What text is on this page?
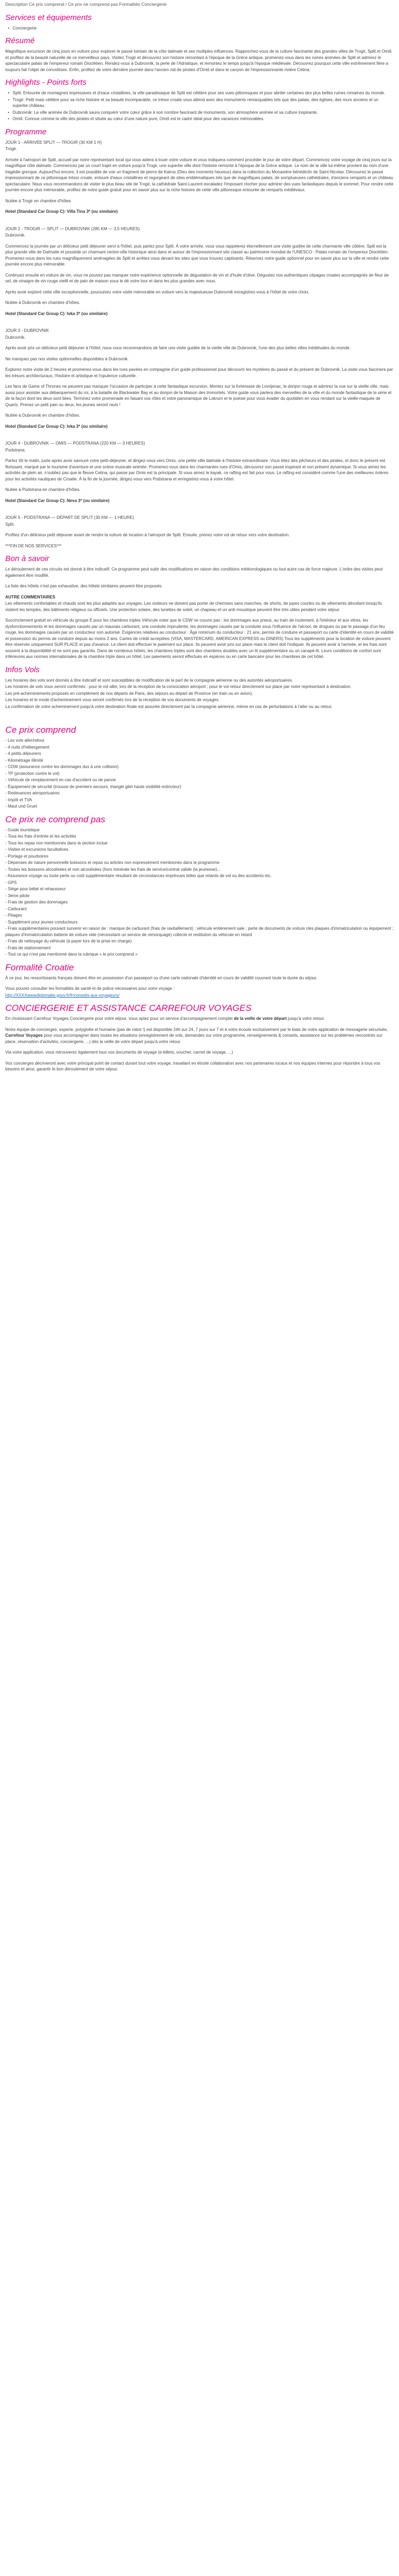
Description Ce prix comprend / Ce prix ne comprend pas Formalités Conciergerie
Services et équipements
• Conciergerie
Résumé

Magnifique excursion de cinq jours en voiture pour explorer le passé lointain de la côte dalmate et ses multiples influences. Rapprochez-vous de la culture fascinante des grandes villes de Trogir, Split et Omiš et profitez de la beauté naturelle de ce merveilleux pays. Visitez Trogir et découvrez son histoire remontant à l'époque de la Grèce antique, promenez-vous dans les ruines animées de Split et admirez le spectaculaire palais de l'empereur romain Dioclétien. Rendez-vous à Dubrovnik, la perle de l'Adriatique, et remontez le temps jusqu'à l'époque médiévale. Découvrez pourquoi cette ville extrêmement fière a toujours fait l'objet de convoitises. Enfin, profitez de votre dernière journée dans l'ancien nid de pirates d'Omiš et dans le canyon de l'impressionnante rivière Cetina.

Highlights - Points forts
• Split: Entourée de montagnes impressives et d'eaux cristallines, la ville paradisiaque de Split est célèbre pour ses vues pittoresques et pour abriter certaines des plus belles ruines romaines du monde.
• Trogir: Petit mais célèbre pour sa riche histoire et sa beauté incomparable, ce trésor croate vous attend avec des monuments remarquables tels que des palais, des églises, des murs anciens et un superbe château.
• Dubrovnik: La ville animée de Dubrovnik saura conquérir votre cœur grâce à son nombre fascinant de monuments, son atmosphère animée et sa culture inspirante.
• Omiš: Connue comme la ville des pirates et située au cœur d'une nature pure, Omiš est le cadre idéal pour des vacances mémorables.
Programme
JOUR 1 - ARRIVÉE SPLIT — TROGIR (30 KM 1 H)

Trogir.

Arrivée à l'aéroport de Split, accueil par notre représentant local qui vous aidera à louer votre voiture et vous indiquera comment procéder le jour de votre départ. Commencez votre voyage de cinq jours sur la magnifique côte dalmate. Commencez par un court trajet en voiture jusqu'à Trogir, une superbe ville dont l'histoire remonte à l'époque de la Grèce antique. Le nom de la ville lui-même provient du nom d'une tragédie grecque. Aujourd'hui encore, il est possible de voir un fragment de pierre de Kairos (Dieu des moments heureux) dans la collection du Monastère bénédictin de Saint-Nicolas. Découvrez le passé impressionnant de ce pittoresque trésor croate, entouré d'eaux cristallines et regorgeant de sites emblématiques tels que de magnifiques palais, de somptueuses cathédrales, d'anciens remparts et un château spectaculaire. Nous vous recommandons de visiter le plus beau site de Trogir, la cathédrale Saint-Laurent escaladez l'imposant clocher pour admirer des vues fantastiques depuis le sommet. Pour rendre cette journée encore plus mémorable, profitez de notre guide gratuit pour en savoir plus sur la riche histoire de cette ville pittoresque entourée de remparts médiévaux.

Nuitée à Trogir en chambre d'hôtes

Hotel (Standard Car Group C): Villa Tina 3* (ou similaire)

JOUR 2 - TROGIR — SPLIT — DUBROVNIK (285 KM — 3,5 HEURES)

Dubrovnik.

Commencez la journée par un délicieux petit déjeuner servi à l'hôtel, puis partez pour Split. À votre arrivée, vous vous rappelerez éternellement une visite guidée de cette charmante ville côtière. Split est la plus grande ville de Dalmatie et possède un charmant centre-ville historique ainsi dans et autour de l'impressionnant site classé au patrimoine mondial de l'UNESCO : Palais romain de l'empereur Dioclétien. Promenez-vous dans les rues magnifiquement aménagées de Split et arrêtez-vous devant les sites que vous trouvez captivants. Réservez notre guide optionnel pour en savoir plus sur la ville et rendre cette journée encore plus mémorable.

Continuez ensuite en voiture de vin, vous ne pouvez pas manquer notre expérience optionnelle de dégustation de vin et d'huile d'olive. Dégustez nos authentiques cépages croates accompagnés de fleur de sel, de vinaigre de vin rouge vieilli et de pain de maison sous le dé votre tour et dans les plus grandes avec nous.

Après avoir exploré cette ville exceptionnelle, poursuivez votre visite mémorable en voiture vers la majestueuse Dubrovnik enregistrez-vous à l'hôtel de votre choix.

Nuitée à Dubrovnik en chambre d'hôtes.

Hotel (Standard Car Group C): Ivka 3* (ou similaire)

JOUR 3 - DUBROVNIK

Dubrovnik.

Après avoir pris un délicieux petit déjeuner à l'hôtel, nous vous recommandons de faire une visite guidée de la vieille ville de Dubrovnik, l'une des plus belles villes médiévales du monde.

Ne manquez pas nos visites optionnelles disponibles à Dubrovnik.

Explorez notre visite de 2 heures et promenez-vous dans les rues pavées en compagnie d'un guide professionnel pour découvrir les mystères du passé et du présent de Dubrovnik. La visite vous fascinera par les trésors architecturaux, l'histoire et artistique et l'opulence culturelle.

Les fans de Game of Thrones ne peuvent pas manquer l'occasion de participer à cette fantastique excursion. Montez sur la forteresse de Lovrijenac, le donjon rouge et admirez la vue sur la vieille ville, mais aussi pour assister aux débarquement du roi, à la bataille de Blackwater Bay et au donjon de la Maison des Immortels. Votre guide vous parlera des merveilles de la ville et du monde fantastique de la série et de la façon dont les deux sont liées. Terminez votre promenade en faisant vos rôles et votre panoramique de Lokrum et le poésie pour vous évader du quotidien en vous rendant sur la vieille-maquée de Quartz. Prenez un petit pain ou deux, les jeunes seront ravis !

Nuitée à Dubrovnik en chambre d'hôtes.

Hotel (Standard Car Group C): Ivka 3* (ou similaire)

JOUR 4 - DUBROVNIK — OMIS — PODSTRANA (220 KM — 3 HEURES)

Podstrana.

Partez tôt le matin, juste après avoir savouré votre petit-déjeuner, et dirigez-vous vers Omis, une petite ville dalmate à l'histoire extraordinaire. Vous étiez des pêcheurs et des pirates, et donc le présent est florissant, marqué par le tourisme d'aventure et une scène musicale animée. Promenez-vous dans les charmantes rues d'Omis, découvrez son passé inspirant et son présent dynamique. Si vous aimez les activités de plein air, n'oubliez pas que le fleuve Cetina, qui passe par Omis est la principale. Si vous aimez le kayak, ce rafting est fait pour vous. Le rafting est considéré comme l'une des meilleures rivières pour les activités nautiques de Croatie. À la fin de la journée, dirigez-vous vers Podstrana et enregistrez-vous à votre hôtel.

Nuitée à Podstrana en chambre d'hôtes.

Hotel (Standard Car Group C): Neva 3* (ou similaire)

JOUR 5 - PODSTRANA — DÉPART DE SPLIT (30 KM — 1 HEURE)

Split.

Profitez d'un délicieux petit déjeuner avant de rendre la voiture de location à l'aéroport de Split. Ensuite, prenez votre vol de retour vers votre destination.

***FIN DE NOS SERVICES***

Bon à savoir

Le déroulement de ces circuits est donné à titre indicatif. Ce programme peut subir des modifications en raison des conditions météorologiques ou tout autre cas de force majeure. L'ordre des visites peut également être modifié.

La liste des hôtels n'est pas exhaustive, des hôtels similaires peuvent être proposés.

AUTRE COMMENTAIRES

Les vêtements confortables et chauds sont les plus adaptés aux voyages. Les visiteurs ne doivent pas porter de chemises sans manches, de shorts, de jupes courtes ou de vêtements dévoilant lorsqu'ils visitent les temples, des bâtiments religieux ou officiels. Une protection solaire, des lunettes de soleil, un chapeau et un anti-moustique peuvent être très utiles pendant votre séjour.

Succinctement gratuit en véhicule du groupe E pour les chambres triples Véhicule noter que le CDW ne couvre pas : les dommages aux pneus, au train de roulement, à l'intérieur et aux vitres, les dysfonctionnements et les dommages causés par un mauvais carburant, une conduite imprudente, les dommages causés par la conduite sous l'influence de l'alcool, de drogues ou par le passage d'un feu rouge, les dommages causés par un conducteur non autorisé. Exigences relatives au conducteur : Âge minimum du conducteur : 21 ans, permis de conduire et passeport ou carte d'identité en cours de validité et possession du permis de conduire depuis au moins 2 ans. Cartes de crédit acceptées (VISA, MASTERCARD, AMERICAN EXPRESS ou DINERS) Tous les suppléments pour la location de voiture peuvent être réservés uniquement SUR PLACE et pas d'avance. Le client doit effectuer le paiement sur place. Ils peuvent avoir prix sur place mais le client doit l'indiquer. Ils peuvent avoir à l'arrivée, et les frais sont souvent à la disponibilité et ne sont pas garantis. Dans de nombreux hôtels, les chambres triples sont des chambres doubles avec un lit supplémentaire ou un canapé-lit. Leurs conditions de confort sont inférieures aux normes internationales de la chambre triple dans un hôtel. Les paiements seront effectués en espèces ou en carte bancaire pour les chambres de cet hôtel.

Infos Vols
Les horaires des vols sont donnés à titre indicatif et sont susceptibles de modification de la part de la compagnie aérienne ou des autorités aéroportuaires.
Les horaires de vols vous seront confirmés : pour le vol aller, lors de la réception de la convocation aéroport ; pour le vol retour directement sur place par notre représentant à destination.
Les pré-acheminements proposés en complément de nos départs de Paris, des séjours au départ de Province (en train ou en avion).
Les horaires et le mode d'acheminement vous seront confirmés lors de la réception de vos documents de voyages.
La confirmation de votre acheminement jusqu'à votre destination finale est assurée directement par la compagnie aérienne, mème en cas de perturbations à l'aller ou au retour.
Ce prix comprend
- Les vols aller/retour
- 4 nuits d'hébergement
- 4 petits déjeuners
- Kilométrage illimité
- CDW (assurance contre les dommages dus à une collision)
- TP (protection contre le vol)
- Véhicule de remplacement en cas d'accident ou de panne
- Équipement de sécurité (trousse de premiers secours, triangle gilet haute visibilité extincteur)
- Redevances aéroportuaires
- Impôt et TVA
- Maut und Gruet
Ce prix ne comprend pas
- Guide touristique
- Tous les frais d'entrée et les activités
- Tous les repas non mentionnés dans la section inclue
- Visites et excursions facultatives
- Portage et pourboires
- Dépenses de nature personnelle boissons et repas ou articles non expressément mentionnés dans le programme
- Toutes les boissons alcoolisées et non alcoolisées (hors minérale les frais de service/contrat valide (la jeunesse)...
- Assurance voyage ou toute perte ou coût supplémentaire résultant de circonstances imprévues telles que retards de vol ou des accidents etc.
- GPS
- Siège pour bébé et rehausseur
- 3ème pilote
- Frais de gestion des dommages
- Carburant
- Péages
- Supplément pour jeunes conducteurs
- Frais supplémentaires pouvant survenir en raison de : manque de carburant (frais de ravitaillement) ; véhicule entièrement sale ; perte de documents de voiture clés plaques d'immatriculation ou équipement ; plaques d'immatriculation batterie de voiture vide (nécessitant un service de remorquage) collecte et restitution du véhicule en retard
- Frais de nettoyage du véhicule (à payer lors de la prise en charge)
- Frais de stationnement
- Tout ce qui n'est pas mentionné dans la rubrique « le prix comprend »
Formalité Croatie

À ce jour, les ressortissants français doivent être en possession d'un passeport ou d'une carte nationale d'identité en cours de validité couvrant toute la durée du séjour.

Vous pouvez consulter les formalités de santé et de police nécessaires pour votre voyage :

http://XXXXwwwdiplomatie.gouv.fr/fr/conseils-aux-voyageurs/

CONCIERGERIE ET ASSISTANCE CARREFOUR VOYAGES

En choisissant Carrefour Voyages Conciergerie pour votre séjour, vous optez pour un service d'accompagnement complet de la veille de votre départ jusqu'à votre retour.

Notre équipe de concierges, experte, polyglotte et humaine (pas de robot !) est disponible 24h sur 24, 7 jours sur 7 et à votre écoute exclusivement par le biais de notre application de messagerie sécurisée, Carrefour Voyages pour vous accompagner dans toutes les situations (enregistrement de vols, demandes sur votre programme, renseignements & conseils, assistance sur les problèmes rencontrés sur place, réservation d'activités, conciergerie, ...) dès la veille de votre départ jusqu'à votre retour.

Via votre application, vous retrouverez également tous vos documents de voyage (e-billets, voucher, carnet de voyage, ...)

Vos concierges décriveront avec votre principal point de contact durant tout votre voyage, travailant en étroite collaboration avec nos partenaires locaux et nos équipes internes pour répondre à tous vos besoins et ainsi, garantir le bon déroulement de votre séjour.
